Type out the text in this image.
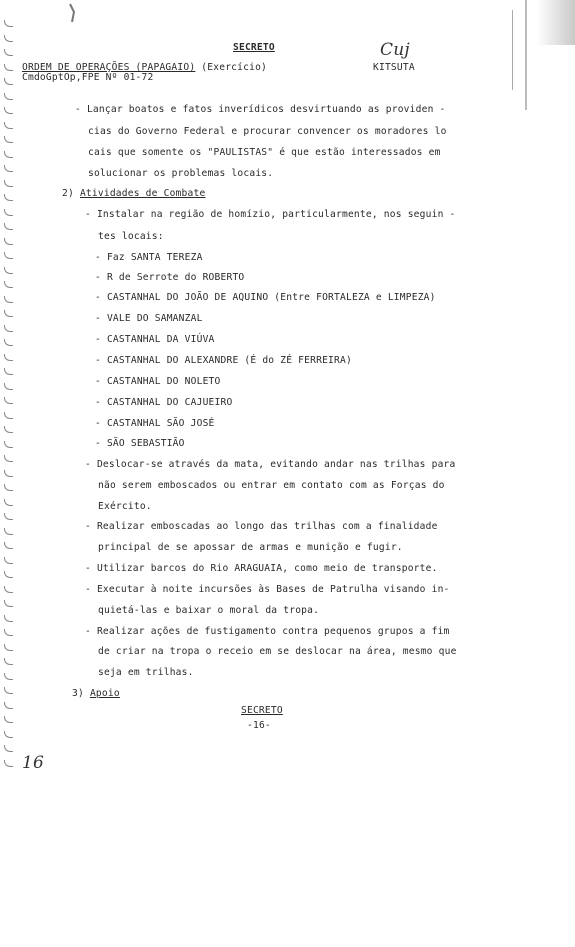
SECRETO
ORDEM DE OPERAÇÕES (PAPAGAIO) (Exercício)
CmdoGptOp,FPE Nº 01-72
KITSUTA
Cuj
- Lançar boatos e fatos inverídicos desvirtuando as providen -
cias do Governo Federal e procurar convencer os moradores lo
cais que somente os "PAULISTAS" é que estão interessados em
solucionar os problemas locais.
2) Atividades de Combate
- Instalar na região de homízio, particularmente, nos seguin -
tes locais:
- Faz SANTA TEREZA
- R de Serrote do ROBERTO
- CASTANHAL DO JOÃO DE AQUINO (Entre FORTALEZA e LIMPEZA)
- VALE DO SAMANZAL
- CASTANHAL DA VIÚVA
- CASTANHAL DO ALEXANDRE (É do ZÉ FERREIRA)
- CASTANHAL DO NOLETO
- CASTANHAL DO CAJUEIRO
- CASTANHAL SÃO JOSÉ
- SÃO SEBASTIÃO
- Deslocar-se através da mata, evitando andar nas trilhas para
não serem emboscados ou entrar em contato com as Forças do
Exército.
- Realizar emboscadas ao longo das trilhas com a finalidade
principal de se apossar de armas e munição e fugir.
- Utilizar barcos do Rio ARAGUAIA, como meio de transporte.
- Executar à noite incursões às Bases de Patrulha visando in-
quietá-las e baixar o moral da tropa.
- Realizar ações de fustigamento contra pequenos grupos a fim
de criar na tropa o receio em se deslocar na área, mesmo que
seja em trilhas.
3) Apoio
SECRETO
-16-
16
